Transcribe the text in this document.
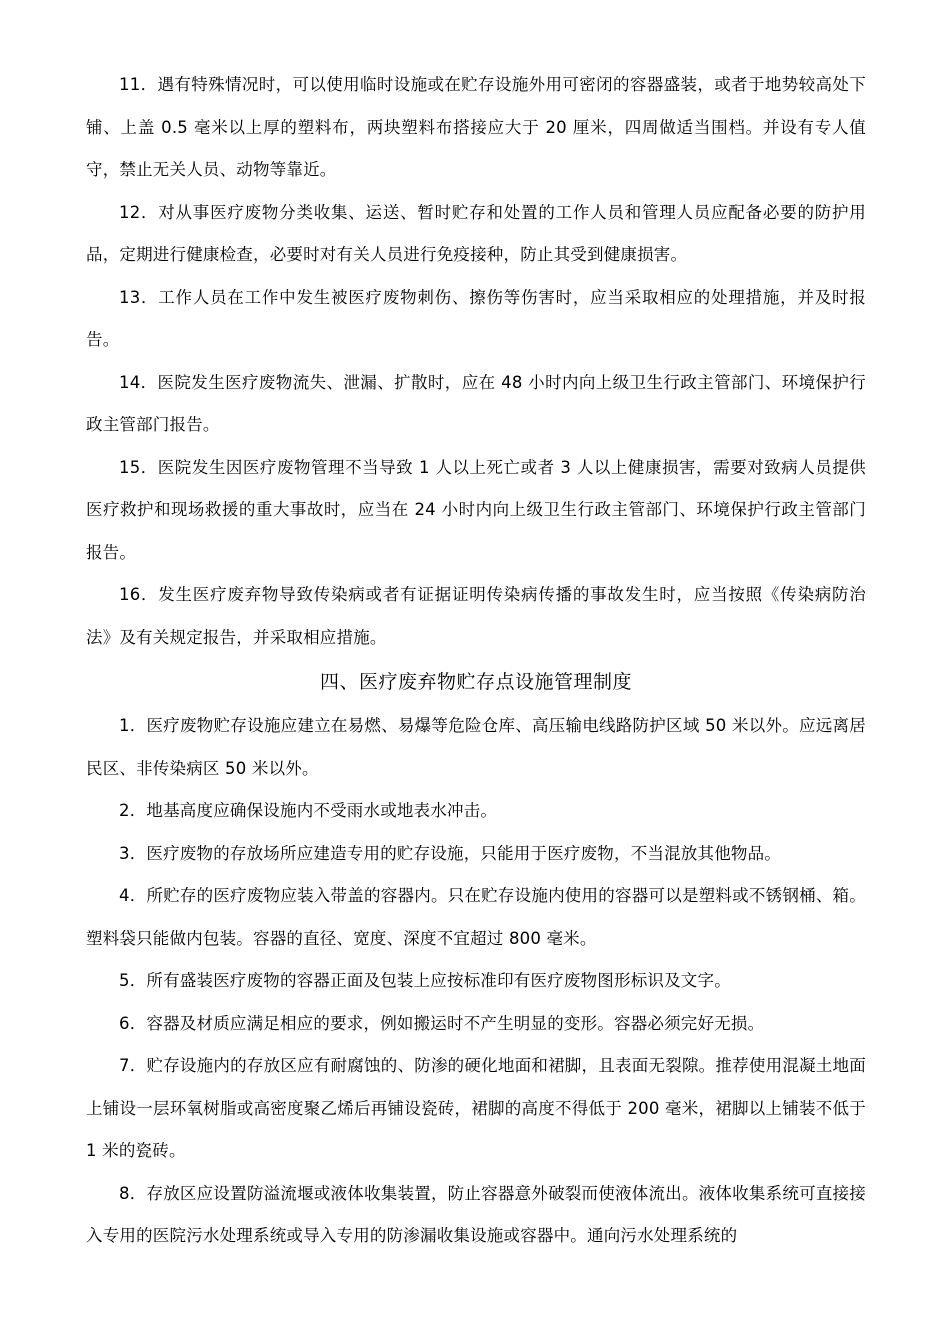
11．遇有特殊情况时，可以使用临时设施或在贮存设施外用可密闭的容器盛装，或者于地势较高处下铺、上盖 0.5 毫米以上厚的塑料布，两块塑料布搭接应大于 20 厘米，四周做适当围档。并设有专人值守，禁止无关人员、动物等靠近。

12．对从事医疗废物分类收集、运送、暂时贮存和处置的工作人员和管理人员应配备必要的防护用品，定期进行健康检查，必要时对有关人员进行免疫接种，防止其受到健康损害。

13．工作人员在工作中发生被医疗废物刺伤、擦伤等伤害时，应当采取相应的处理措施，并及时报告。

14．医院发生医疗废物流失、泄漏、扩散时，应在 48 小时内向上级卫生行政主管部门、环境保护行政主管部门报告。

15．医院发生因医疗废物管理不当导致 1 人以上死亡或者 3 人以上健康损害，需要对致病人员提供医疗救护和现场救援的重大事故时，应当在 24 小时内向上级卫生行政主管部门、环境保护行政主管部门报告。

16．发生医疗废弃物导致传染病或者有证据证明传染病传播的事故发生时，应当按照《传染病防治法》及有关规定报告，并采取相应措施。

四、医疗废弃物贮存点设施管理制度

1．医疗废物贮存设施应建立在易燃、易爆等危险仓库、高压输电线路防护区域 50 米以外。应远离居民区、非传染病区 50 米以外。

2．地基高度应确保设施内不受雨水或地表水冲击。

3．医疗废物的存放场所应建造专用的贮存设施，只能用于医疗废物，不当混放其他物品。

4．所贮存的医疗废物应装入带盖的容器内。只在贮存设施内使用的容器可以是塑料或不锈钢桶、箱。塑料袋只能做内包装。容器的直径、宽度、深度不宜超过 800 毫米。

5．所有盛装医疗废物的容器正面及包装上应按标准印有医疗废物图形标识及文字。

6．容器及材质应满足相应的要求，例如搬运时不产生明显的变形。容器必须完好无损。

7．贮存设施内的存放区应有耐腐蚀的、防渗的硬化地面和裙脚，且表面无裂隙。推荐使用混凝土地面上铺设一层环氧树脂或高密度聚乙烯后再铺设瓷砖，裙脚的高度不得低于 200 毫米，裙脚以上铺装不低于 1 米的瓷砖。

8．存放区应设置防溢流堰或液体收集装置，防止容器意外破裂而使液体流出。液体收集系统可直接接入专用的医院污水处理系统或导入专用的防渗漏收集设施或容器中。通向污水处理系统的
